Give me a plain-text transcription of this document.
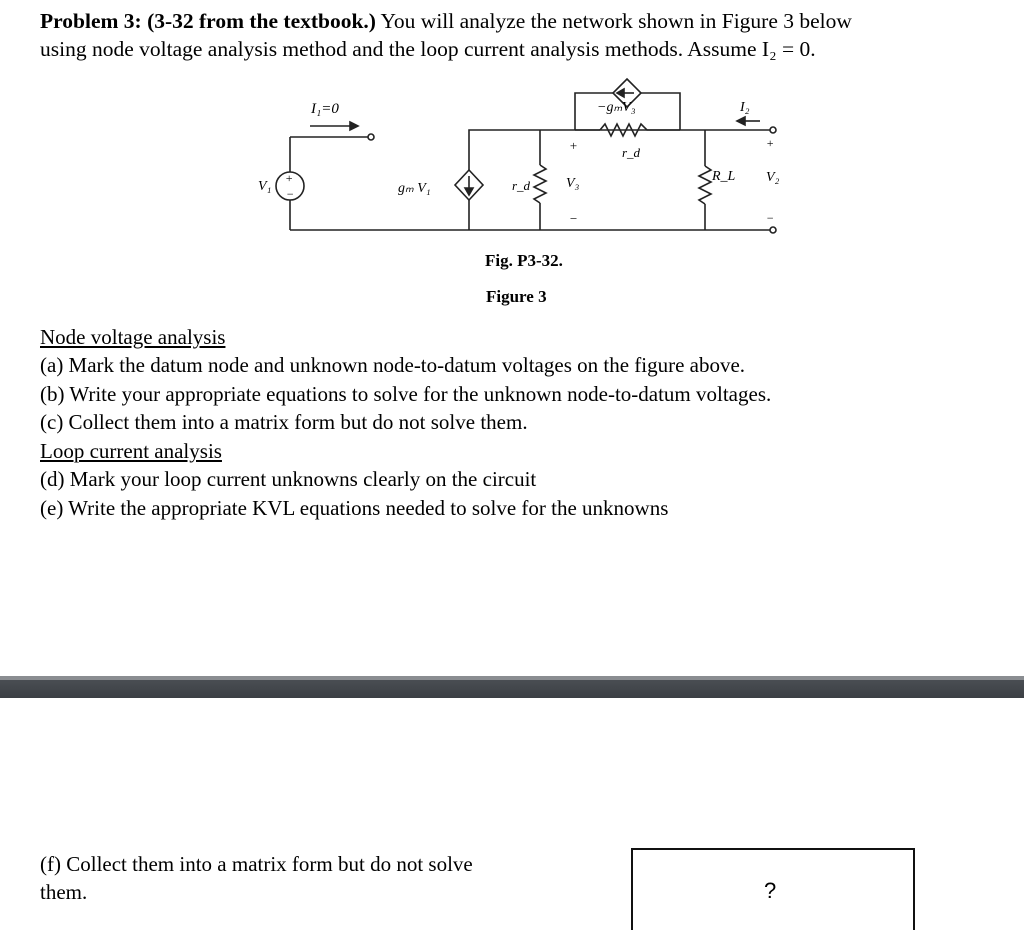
Problem 3: (3-32 from the textbook.) You will analyze the network shown in Figure 3 below
using node voltage analysis method and the loop current analysis methods. Assume I₂ = 0.
+
−
+
−
+
−
I₁=0	−gₘV₃	I₂
r_d
V₁	gₘ V₁	r_d	V₃	R_L V₂
Fig. P3-32.
Figure 3
Node voltage analysis
(a) Mark the datum node and unknown node-to-datum voltages on the figure above.
(b) Write your appropriate equations to solve for the unknown node-to-datum voltages.
(c) Collect them into a matrix form but do not solve them.
Loop current analysis
(d) Mark your loop current unknowns clearly on the circuit
(e) Write the appropriate KVL equations needed to solve for the unknowns
(f) Collect them into a matrix form but do not solve
them.	?
